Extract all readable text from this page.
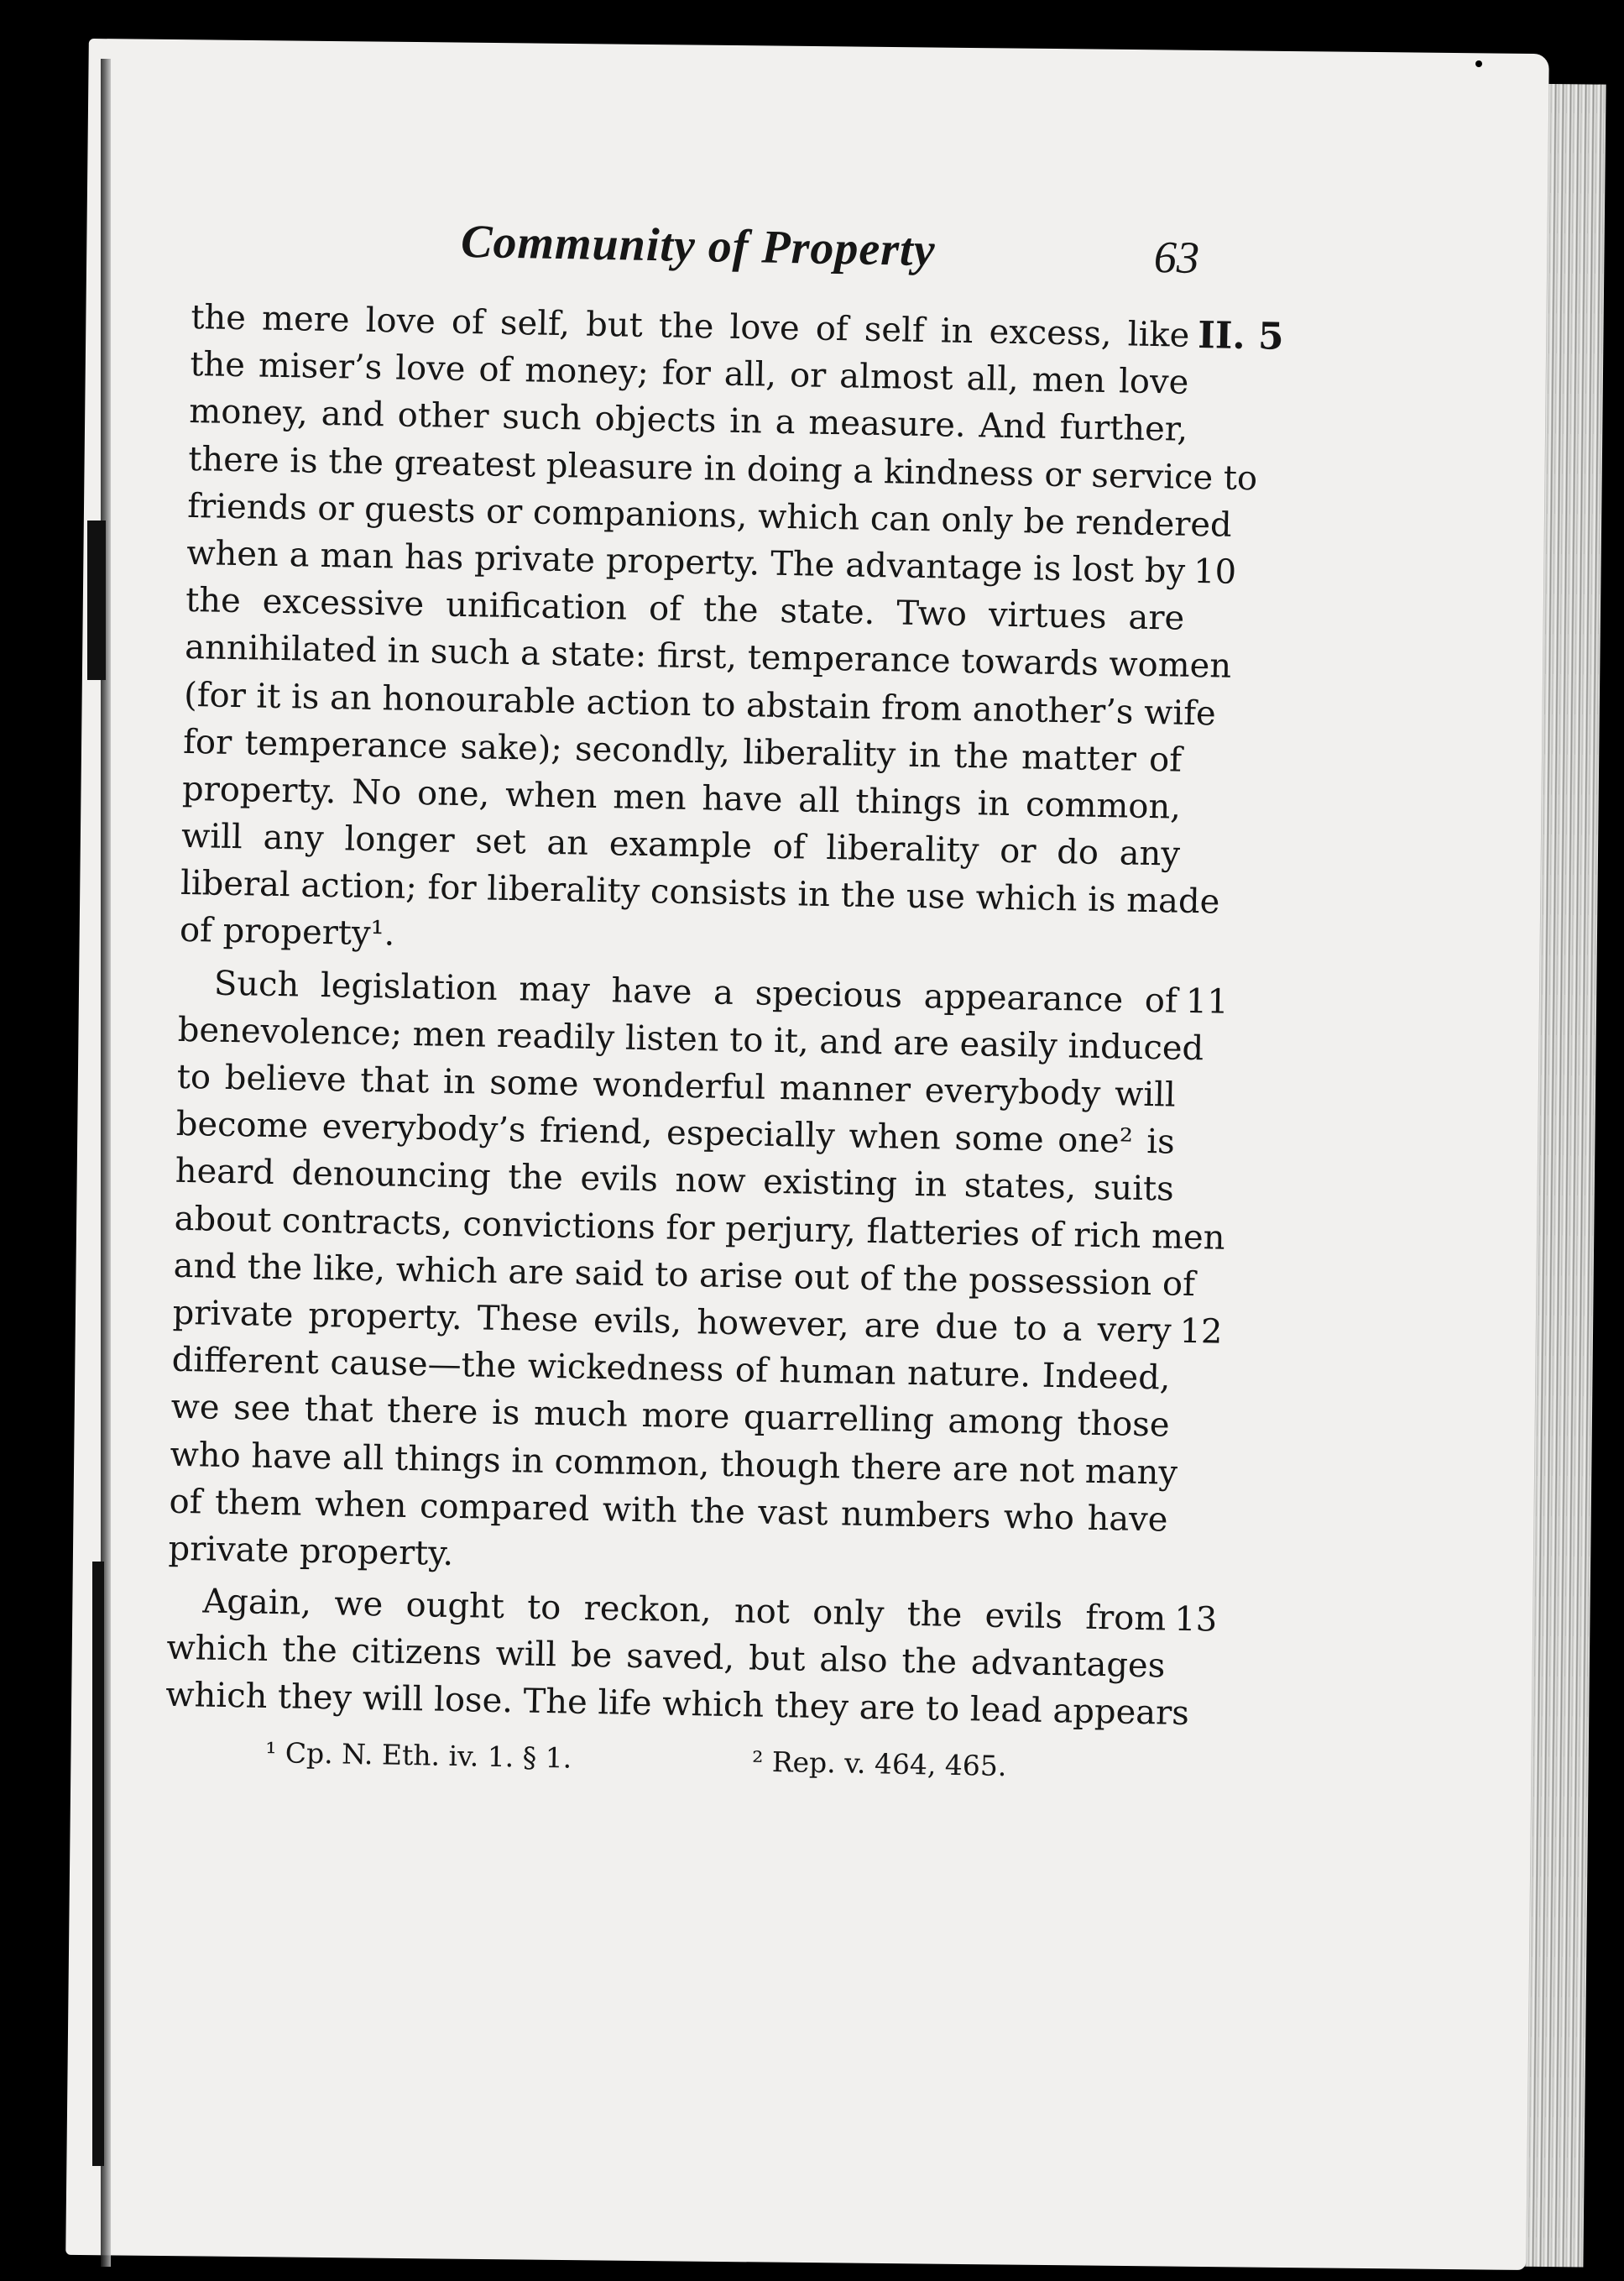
Community of Property	63
the mere love of self, but the love of self in excess, like II. 5
the miser’s love of money; for all, or almost all, men love
money, and other such objects in a measure. And further,
there is the greatest pleasure in doing a kindness or service to
friends or guests or companions, which can only be rendered
when a man has private property. The advantage is lost by 10
the excessive unification of the state. Two virtues are
annihilated in such a state: first, temperance towards women
(for it is an honourable action to abstain from another’s wife
for temperance sake); secondly, liberality in the matter of
property. No one, when men have all things in common,
will any longer set an example of liberality or do any
liberal action; for liberality consists in the use which is made
of property¹.
Such legislation may have a specious appearance of 11
benevolence; men readily listen to it, and are easily induced
to believe that in some wonderful manner everybody will
become everybody’s friend, especially when some one² is
heard denouncing the evils now existing in states, suits
about contracts, convictions for perjury, flatteries of rich men
and the like, which are said to arise out of the possession of
private property. These evils, however, are due to a very 12
different cause—the wickedness of human nature. Indeed,
we see that there is much more quarrelling among those
who have all things in common, though there are not many
of them when compared with the vast numbers who have
private property.
Again, we ought to reckon, not only the evils from 13
which the citizens will be saved, but also the advantages
which they will lose. The life which they are to lead appears
¹ Cp. N. Eth. iv. 1. § 1.	² Rep. v. 464, 465.
